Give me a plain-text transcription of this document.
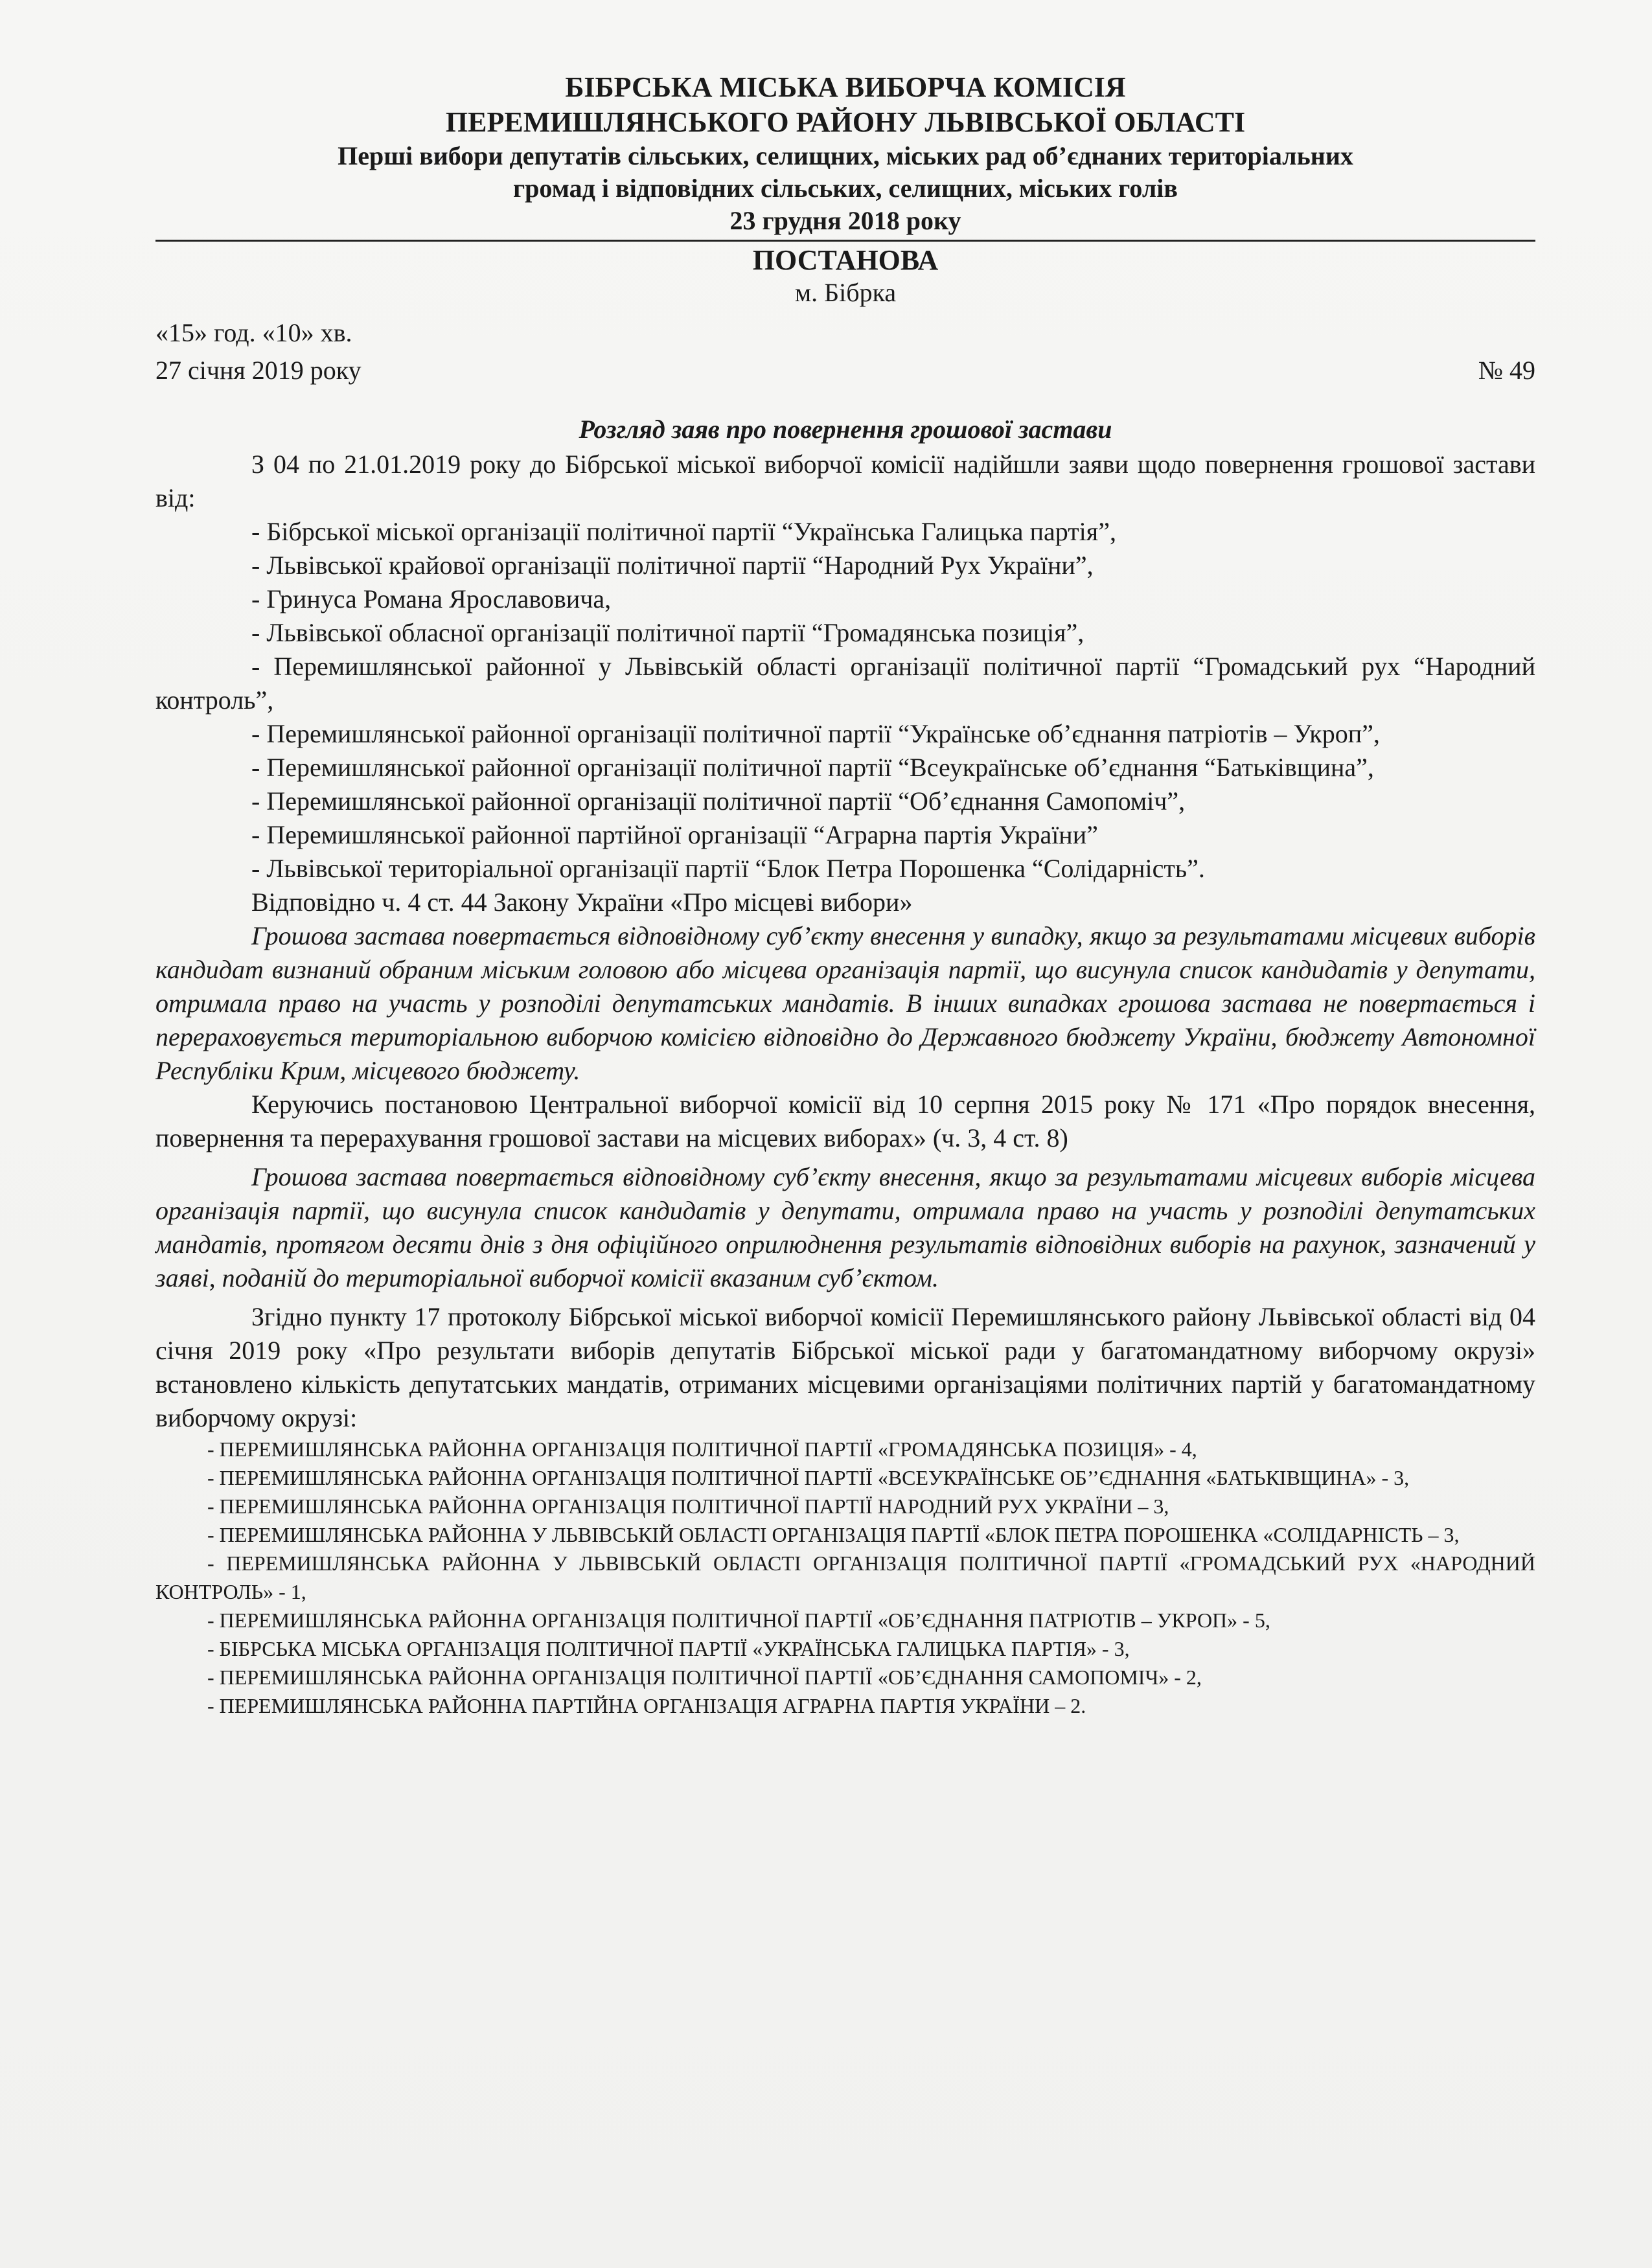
БІБРСЬКА МІСЬКА ВИБОРЧА КОМІСІЯ
ПЕРЕМИШЛЯНСЬКОГО РАЙОНУ ЛЬВІВСЬКОЇ ОБЛАСТІ
Перші вибори депутатів сільських, селищних, міських рад об’єднаних територіальних
громад і відповідних сільських, селищних, міських голів
23 грудня 2018 року
ПОСТАНОВА
м. Бібрка
«15» год. «10» хв.
27 січня 2019 року	№ 49
Розгляд заяв про повернення грошової застави

З 04 по 21.01.2019 року до Бібрської міської виборчої комісії надійшли заяви щодо повернення грошової застави від:

- Бібрської міської організації політичної партії “Українська Галицька партія”,

- Львівської крайової організації політичної партії “Народний Рух України”,

- Гринуса Романа Ярославовича,

- Львівської обласної організації політичної партії “Громадянська позиція”,

- Перемишлянської районної у Львівській області організації політичної партії “Громадський рух “Народний контроль”,

- Перемишлянської районної організації політичної партії “Українське об’єднання патріотів – Укроп”,

- Перемишлянської районної організації політичної партії “Всеукраїнське об’єднання “Батьківщина”,

- Перемишлянської районної організації політичної партії “Об’єднання Самопоміч”,

- Перемишлянської районної партійної організації “Аграрна партія України”

- Львівської територіальної організації партії “Блок Петра Порошенка “Солідарність”.

Відповідно ч. 4 ст. 44 Закону України «Про місцеві вибори»

Грошова застава повертається відповідному суб’єкту внесення у випадку, якщо за результатами місцевих виборів кандидат визнаний обраним міським головою або місцева організація партії, що висунула список кандидатів у депутати, отримала право на участь у розподілі депутатських мандатів. В інших випадках грошова застава не повертається і перераховується територіальною виборчою комісією відповідно до Державного бюджету України, бюджету Автономної Республіки Крим, місцевого бюджету.

Керуючись постановою Центральної виборчої комісії від 10 серпня 2015 року № 171 «Про порядок внесення, повернення та перерахування грошової застави на місцевих виборах» (ч. 3, 4 ст. 8)

Грошова застава повертається відповідному суб’єкту внесення, якщо за результатами місцевих виборів місцева організація партії, що висунула список кандидатів у депутати, отримала право на участь у розподілі депутатських мандатів, протягом десяти днів з дня офіційного оприлюднення результатів відповідних виборів на рахунок, зазначений у заяві, поданій до територіальної виборчої комісії вказаним суб’єктом.

Згідно пункту 17 протоколу Бібрської міської виборчої комісії Перемишлянського району Львівської області від 04 січня 2019 року «Про результати виборів депутатів Бібрської міської ради у багатомандатному виборчому окрузі» встановлено кількість депутатських мандатів, отриманих місцевими організаціями політичних партій у багатомандатному виборчому окрузі:

- ПЕРЕМИШЛЯНСЬКА РАЙОННА ОРГАНІЗАЦІЯ ПОЛІТИЧНОЇ ПАРТІЇ «ГРОМАДЯНСЬКА ПОЗИЦІЯ» - 4,

- ПЕРЕМИШЛЯНСЬКА РАЙОННА ОРГАНІЗАЦІЯ ПОЛІТИЧНОЇ ПАРТІЇ «ВСЕУКРАЇНСЬКЕ ОБ’’ЄДНАННЯ «БАТЬКІВЩИНА» - 3,

- ПЕРЕМИШЛЯНСЬКА РАЙОННА ОРГАНІЗАЦІЯ ПОЛІТИЧНОЇ ПАРТІЇ НАРОДНИЙ РУХ УКРАЇНИ – 3,

- ПЕРЕМИШЛЯНСЬКА РАЙОННА У ЛЬВІВСЬКІЙ ОБЛАСТІ ОРГАНІЗАЦІЯ ПАРТІЇ «БЛОК ПЕТРА ПОРОШЕНКА «СОЛІДАРНІСТЬ – 3,

- ПЕРЕМИШЛЯНСЬКА РАЙОННА У ЛЬВІВСЬКІЙ ОБЛАСТІ ОРГАНІЗАЦІЯ ПОЛІТИЧНОЇ ПАРТІЇ «ГРОМАДСЬКИЙ РУХ «НАРОДНИЙ КОНТРОЛЬ» - 1,

- ПЕРЕМИШЛЯНСЬКА РАЙОННА ОРГАНІЗАЦІЯ ПОЛІТИЧНОЇ ПАРТІЇ «ОБ’ЄДНАННЯ ПАТРІОТІВ – УКРОП» - 5,

- БІБРСЬКА МІСЬКА ОРГАНІЗАЦІЯ ПОЛІТИЧНОЇ ПАРТІЇ «УКРАЇНСЬКА ГАЛИЦЬКА ПАРТІЯ» - 3,

- ПЕРЕМИШЛЯНСЬКА РАЙОННА ОРГАНІЗАЦІЯ ПОЛІТИЧНОЇ ПАРТІЇ «ОБ’ЄДНАННЯ САМОПОМІЧ» - 2,

- ПЕРЕМИШЛЯНСЬКА РАЙОННА ПАРТІЙНА ОРГАНІЗАЦІЯ АГРАРНА ПАРТІЯ УКРАЇНИ – 2.
